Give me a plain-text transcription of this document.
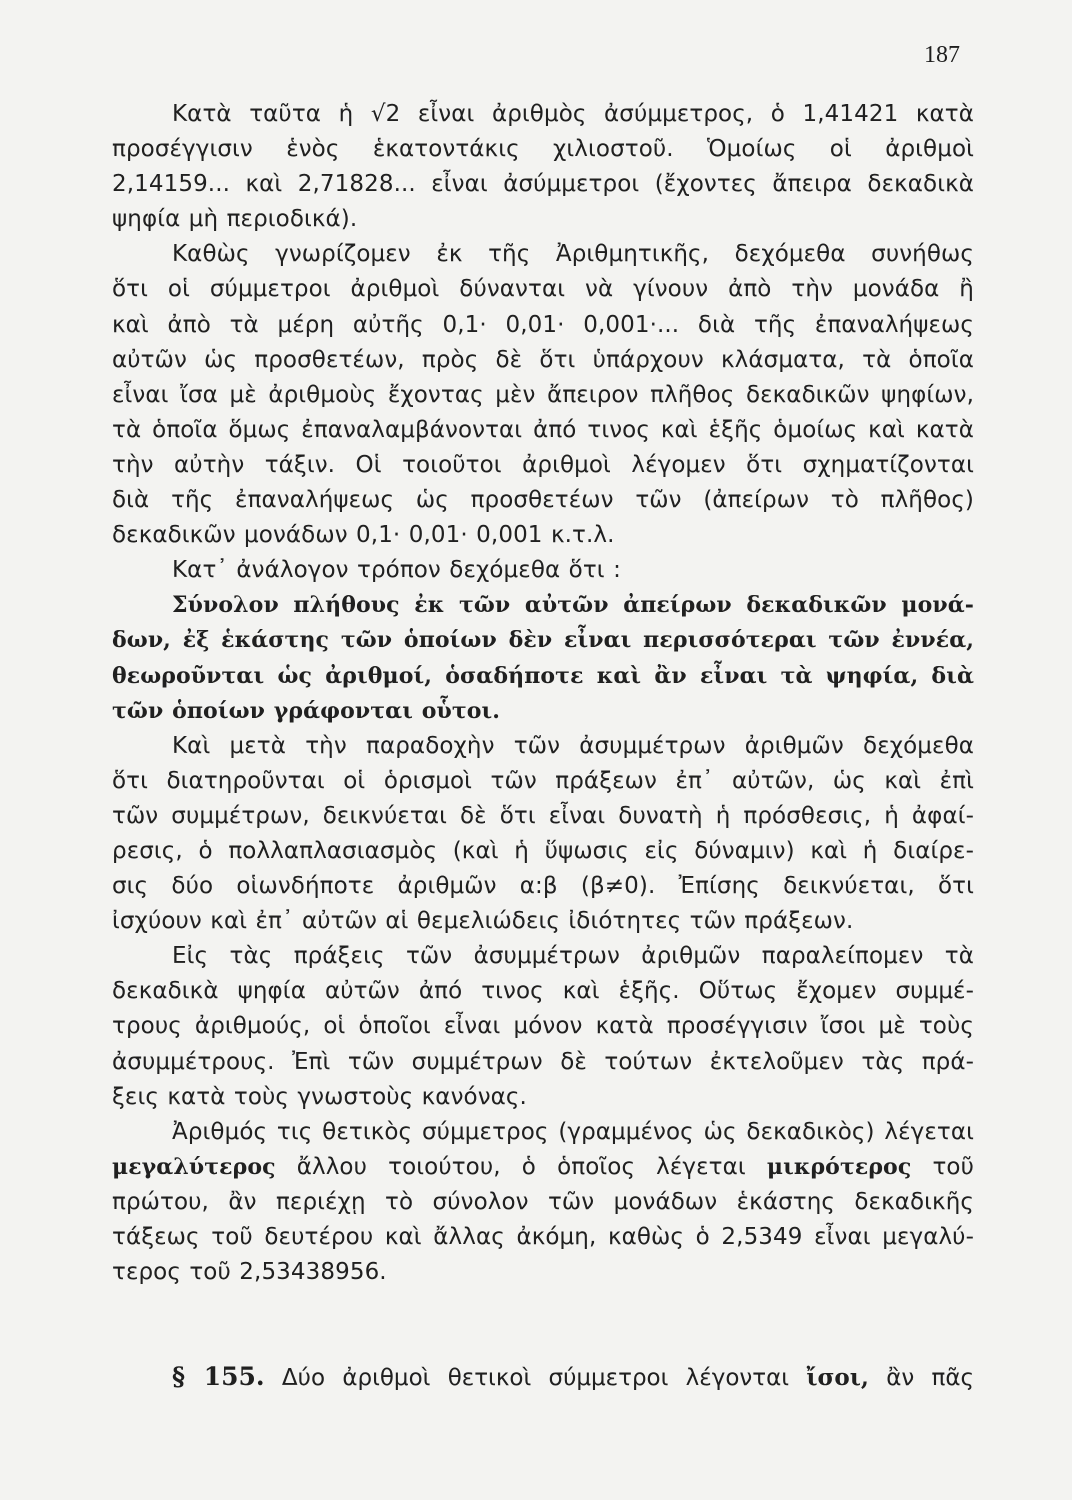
187

Κατὰ ταῦτα ἡ √2 εἶναι ἀριθμὸς ἀσύμμετρος, ὁ 1,41421 κατὰ
προσέγγισιν ἑνὸς ἑκατοντάκις χιλιοστοῦ. Ὁμοίως οἱ ἀριθμοὶ
2,14159... καὶ 2,71828... εἶναι ἀσύμμετροι (ἔχοντες ἄπειρα δεκαδικὰ
ψηφία μὴ περιοδικά).

Καθὼς γνωρίζομεν ἐκ τῆς Ἀριθμητικῆς, δεχόμεθα συνήθως
ὅτι οἱ σύμμετροι ἀριθμοὶ δύνανται νὰ γίνουν ἀπὸ τὴν μονάδα ἢ
καὶ ἀπὸ τὰ μέρη αὐτῆς 0,1· 0,01· 0,001·... διὰ τῆς ἐπαναλήψεως
αὐτῶν ὡς προσθετέων, πρὸς δὲ ὅτι ὑπάρχουν κλάσματα, τὰ ὁποῖα
εἶναι ἴσα μὲ ἀριθμοὺς ἔχοντας μὲν ἄπειρον πλῆθος δεκαδικῶν ψηφίων,
τὰ ὁποῖα ὅμως ἐπαναλαμβάνονται ἀπό τινος καὶ ἑξῆς ὁμοίως καὶ κατὰ
τὴν αὐτὴν τάξιν. Οἱ τοιοῦτοι ἀριθμοὶ λέγομεν ὅτι σχηματίζονται
διὰ τῆς ἐπαναλήψεως ὡς προσθετέων τῶν (ἀπείρων τὸ πλῆθος)
δεκαδικῶν μονάδων 0,1· 0,01· 0,001 κ.τ.λ.

Κατ᾽ ἀνάλογον τρόπον δεχόμεθα ὅτι :

Σύνολον πλήθους ἐκ τῶν αὐτῶν ἀπείρων δεκαδικῶν μονά-
δων, ἐξ ἑκάστης τῶν ὁποίων δὲν εἶναι περισσότεραι τῶν ἐννέα,
θεωροῦνται ὡς ἀριθμοί, ὁσαδήποτε καὶ ἂν εἶναι τὰ ψηφία, διὰ
τῶν ὁποίων γράφονται οὗτοι.

Καὶ μετὰ τὴν παραδοχὴν τῶν ἀσυμμέτρων ἀριθμῶν δεχόμεθα
ὅτι διατηροῦνται οἱ ὁρισμοὶ τῶν πράξεων ἐπ᾽ αὐτῶν, ὡς καὶ ἐπὶ
τῶν συμμέτρων, δεικνύεται δὲ ὅτι εἶναι δυνατὴ ἡ πρόσθεσις, ἡ ἀφαί-
ρεσις, ὁ πολλαπλασιασμὸς (καὶ ἡ ὕψωσις εἰς δύναμιν) καὶ ἡ διαίρε-
σις δύο οἱωνδήποτε ἀριθμῶν α:β (β≠0). Ἐπίσης δεικνύεται, ὅτι
ἰσχύουν καὶ ἐπ᾽ αὐτῶν αἱ θεμελιώδεις ἰδιότητες τῶν πράξεων.

Εἰς τὰς πράξεις τῶν ἀσυμμέτρων ἀριθμῶν παραλείπομεν τὰ
δεκαδικὰ ψηφία αὐτῶν ἀπό τινος καὶ ἑξῆς. Οὕτως ἔχομεν συμμέ-
τρους ἀριθμούς, οἱ ὁποῖοι εἶναι μόνον κατὰ προσέγγισιν ἴσοι μὲ τοὺς
ἀσυμμέτρους. Ἐπὶ τῶν συμμέτρων δὲ τούτων ἐκτελοῦμεν τὰς πρά-
ξεις κατὰ τοὺς γνωστοὺς κανόνας.

Ἀριθμός τις θετικὸς σύμμετρος (γραμμένος ὡς δεκαδικὸς) λέγεται
μεγαλύτερος ἄλλου τοιούτου, ὁ ὁποῖος λέγεται μικρότερος τοῦ
πρώτου, ἂν περιέχῃ τὸ σύνολον τῶν μονάδων ἑκάστης δεκαδικῆς
τάξεως τοῦ δευτέρου καὶ ἄλλας ἀκόμη, καθὼς ὁ 2,5349 εἶναι μεγαλύ-
τερος τοῦ 2,53438956.

§ 155. Δύο ἀριθμοὶ θετικοὶ σύμμετροι λέγονται ἴσοι, ἂν πᾶς
